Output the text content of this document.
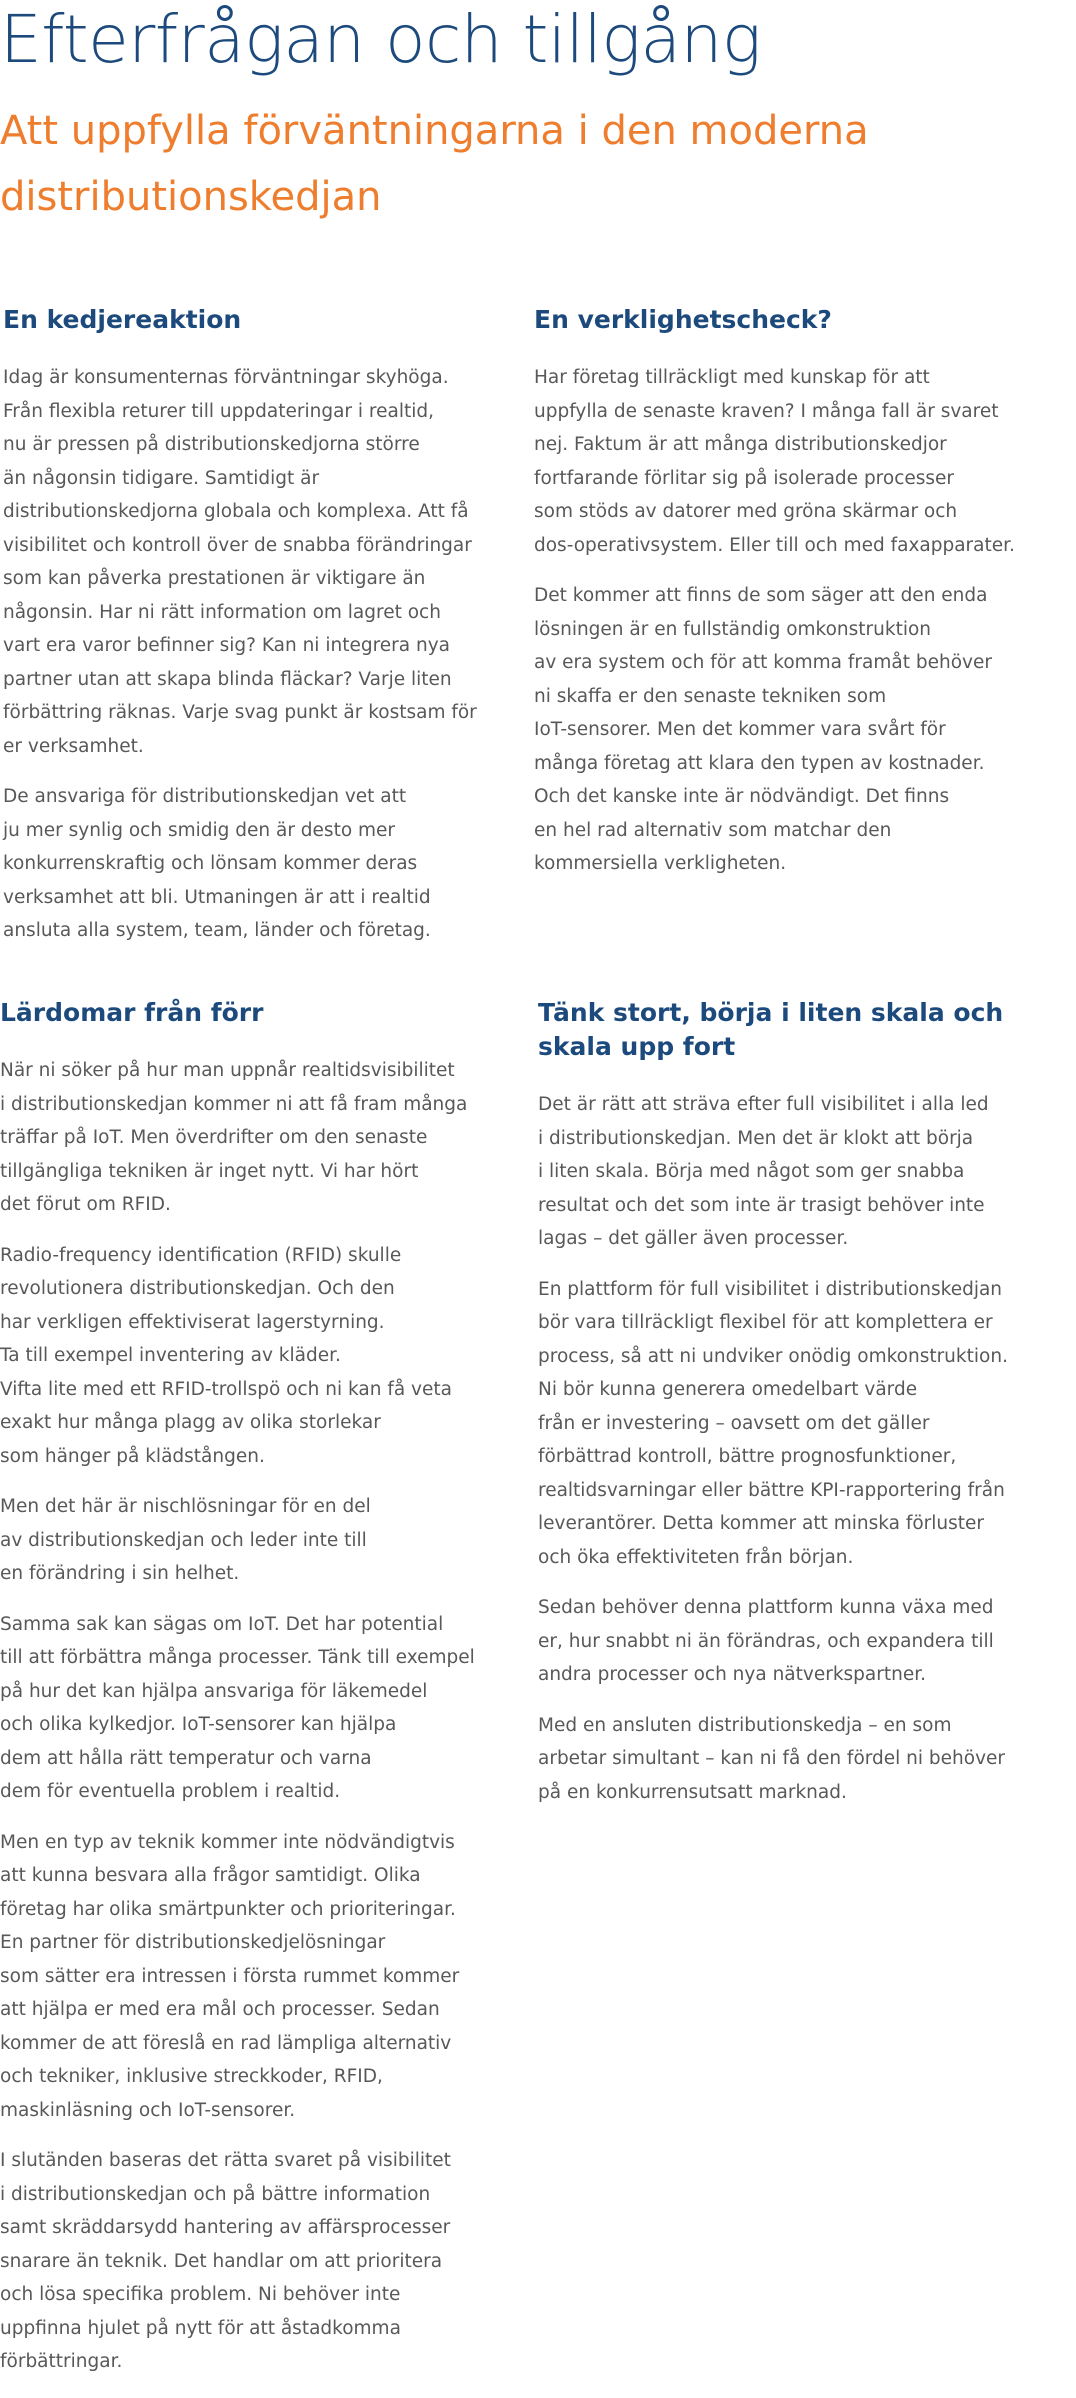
Efterfrågan och tillgång
Att uppfylla förväntningarna i den moderna distributionskedjan
En kedjereaktion

Idag är konsumenternas förväntningar skyhöga.
Från flexibla returer till uppdateringar i realtid,
nu är pressen på distributionskedjorna större
än någonsin tidigare. Samtidigt är
distributionskedjorna globala och komplexa. Att få
visibilitet och kontroll över de snabba förändringar
som kan påverka prestationen är viktigare än
någonsin. Har ni rätt information om lagret och
vart era varor befinner sig? Kan ni integrera nya
partner utan att skapa blinda fläckar? Varje liten
förbättring räknas. Varje svag punkt är kostsam för
er verksamhet.

De ansvariga för distributionskedjan vet att
ju mer synlig och smidig den är desto mer
konkurrenskraftig och lönsam kommer deras
verksamhet att bli. Utmaningen är att i realtid
ansluta alla system, team, länder och företag.

En verklighetscheck?

Har företag tillräckligt med kunskap för att
uppfylla de senaste kraven? I många fall är svaret
nej. Faktum är att många distributionskedjor
fortfarande förlitar sig på isolerade processer
som stöds av datorer med gröna skärmar och
dos-operativsystem. Eller till och med faxapparater.

Det kommer att finns de som säger att den enda
lösningen är en fullständig omkonstruktion
av era system och för att komma framåt behöver
ni skaffa er den senaste tekniken som
IoT-sensorer. Men det kommer vara svårt för
många företag att klara den typen av kostnader.
Och det kanske inte är nödvändigt. Det finns
en hel rad alternativ som matchar den
kommersiella verkligheten.

Lärdomar från förr

När ni söker på hur man uppnår realtidsvisibilitet
i distributionskedjan kommer ni att få fram många
träffar på IoT. Men överdrifter om den senaste
tillgängliga tekniken är inget nytt. Vi har hört
det förut om RFID.

Radio-frequency identification (RFID) skulle
revolutionera distributionskedjan. Och den
har verkligen effektiviserat lagerstyrning.
Ta till exempel inventering av kläder.
Vifta lite med ett RFID-trollspö och ni kan få veta
exakt hur många plagg av olika storlekar
som hänger på klädstången.

Men det här är nischlösningar för en del
av distributionskedjan och leder inte till
en förändring i sin helhet.

Samma sak kan sägas om IoT. Det har potential
till att förbättra många processer. Tänk till exempel
på hur det kan hjälpa ansvariga för läkemedel
och olika kylkedjor. IoT-sensorer kan hjälpa
dem att hålla rätt temperatur och varna
dem för eventuella problem i realtid.

Men en typ av teknik kommer inte nödvändigtvis
att kunna besvara alla frågor samtidigt. Olika
företag har olika smärtpunkter och prioriteringar.
En partner för distributionskedjelösningar
som sätter era intressen i första rummet kommer
att hjälpa er med era mål och processer. Sedan
kommer de att föreslå en rad lämpliga alternativ
och tekniker, inklusive streckkoder, RFID,
maskinläsning och IoT-sensorer.

I slutänden baseras det rätta svaret på visibilitet
i distributionskedjan och på bättre information
samt skräddarsydd hantering av affärsprocesser
snarare än teknik. Det handlar om att prioritera
och lösa specifika problem. Ni behöver inte
uppfinna hjulet på nytt för att åstadkomma
förbättringar.

Tänk stort, börja i liten skala och skala upp fort

Det är rätt att sträva efter full visibilitet i alla led
i distributionskedjan. Men det är klokt att börja
i liten skala. Börja med något som ger snabba
resultat och det som inte är trasigt behöver inte
lagas – det gäller även processer.

En plattform för full visibilitet i distributionskedjan
bör vara tillräckligt flexibel för att komplettera er
process, så att ni undviker onödig omkonstruktion.
Ni bör kunna generera omedelbart värde
från er investering – oavsett om det gäller
förbättrad kontroll, bättre prognosfunktioner,
realtidsvarningar eller bättre KPI-rapportering från
leverantörer. Detta kommer att minska förluster
och öka effektiviteten från början.

Sedan behöver denna plattform kunna växa med
er, hur snabbt ni än förändras, och expandera till
andra processer och nya nätverkspartner.

Med en ansluten distributionskedja – en som
arbetar simultant – kan ni få den fördel ni behöver
på en konkurrensutsatt marknad.
